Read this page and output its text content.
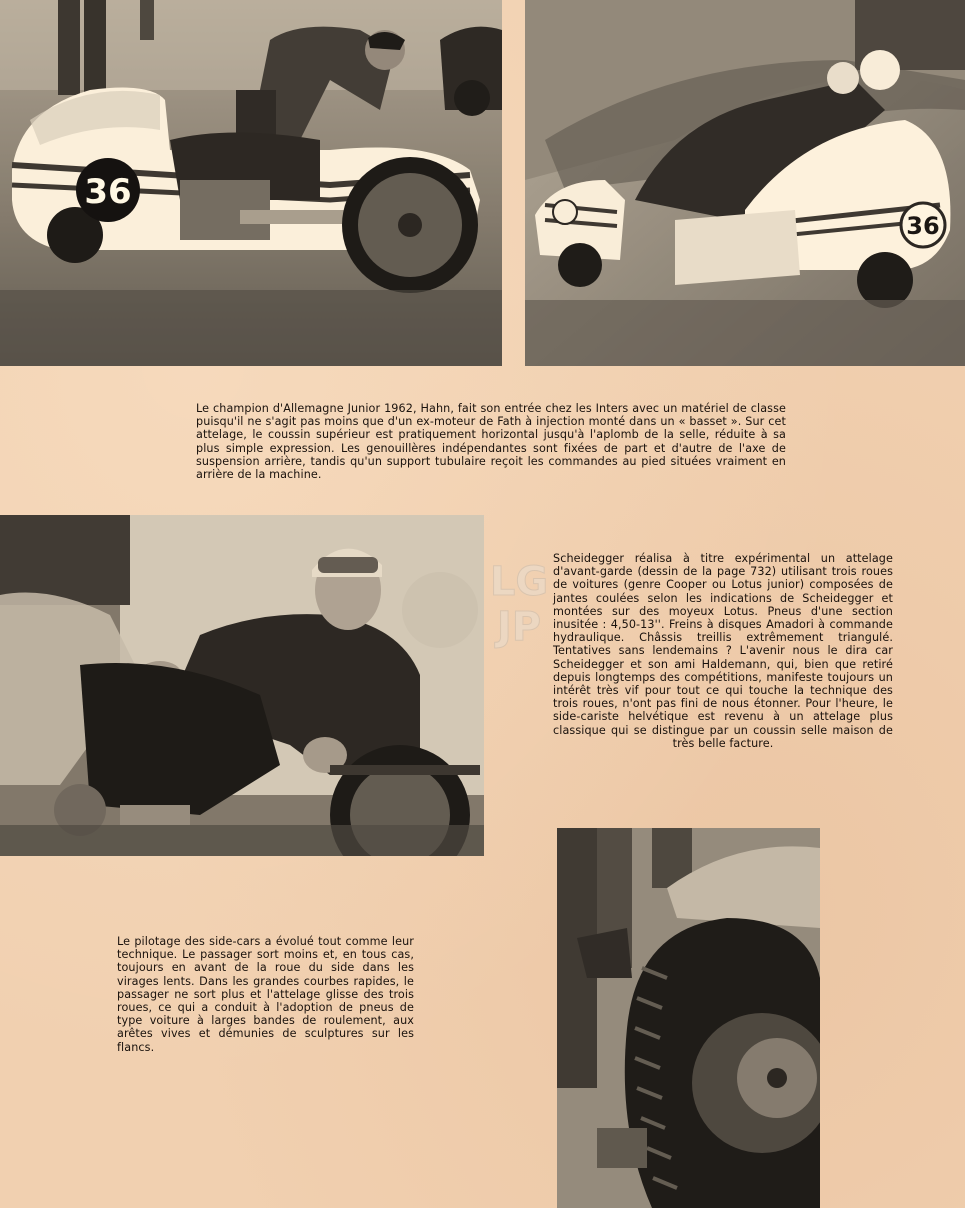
36
36

Le champion d'Allemagne Junior 1962, Hahn, fait son entrée chez les Inters avec un matériel de classe puisqu'il ne s'agit pas moins que d'un ex-moteur de Fath à injection monté dans un « basset ». Sur cet attelage, le coussin supérieur est pratiquement horizontal jusqu'à l'aplomb de la selle, réduite à sa plus simple expression. Les genouillères indépendantes sont fixées de part et d'autre de l'axe de suspension arrière, tandis qu'un support tubulaire reçoit les commandes au pied situées vraiment en arrière de la machine.

LG
JP

Scheidegger réalisa à titre expérimental un attelage d'avant-garde (dessin de la page 732) utilisant trois roues de voitures (genre Cooper ou Lotus junior) composées de jantes coulées selon les indications de Scheidegger et montées sur des moyeux Lotus. Pneus d'une section inusitée : 4,50-13''. Freins à disques Amadori à commande hydraulique. Châssis treillis extrêmement triangulé. Tentatives sans lendemains ? L'avenir nous le dira car Scheidegger et son ami Haldemann, qui, bien que retiré depuis longtemps des compétitions, manifeste toujours un intérêt très vif pour tout ce qui touche la technique des trois roues, n'ont pas fini de nous étonner. Pour l'heure, le side-cariste helvétique est revenu à un attelage plus classique qui se distingue par un coussin selle maison de très belle facture.

Le pilotage des side-cars a évolué tout comme leur technique. Le passager sort moins et, en tous cas, toujours en avant de la roue du side dans les virages lents. Dans les grandes courbes rapides, le passager ne sort plus et l'attelage glisse des trois roues, ce qui a conduit à l'adoption de pneus de type voiture à larges bandes de roulement, aux arêtes vives et démunies de sculptures sur les flancs.
